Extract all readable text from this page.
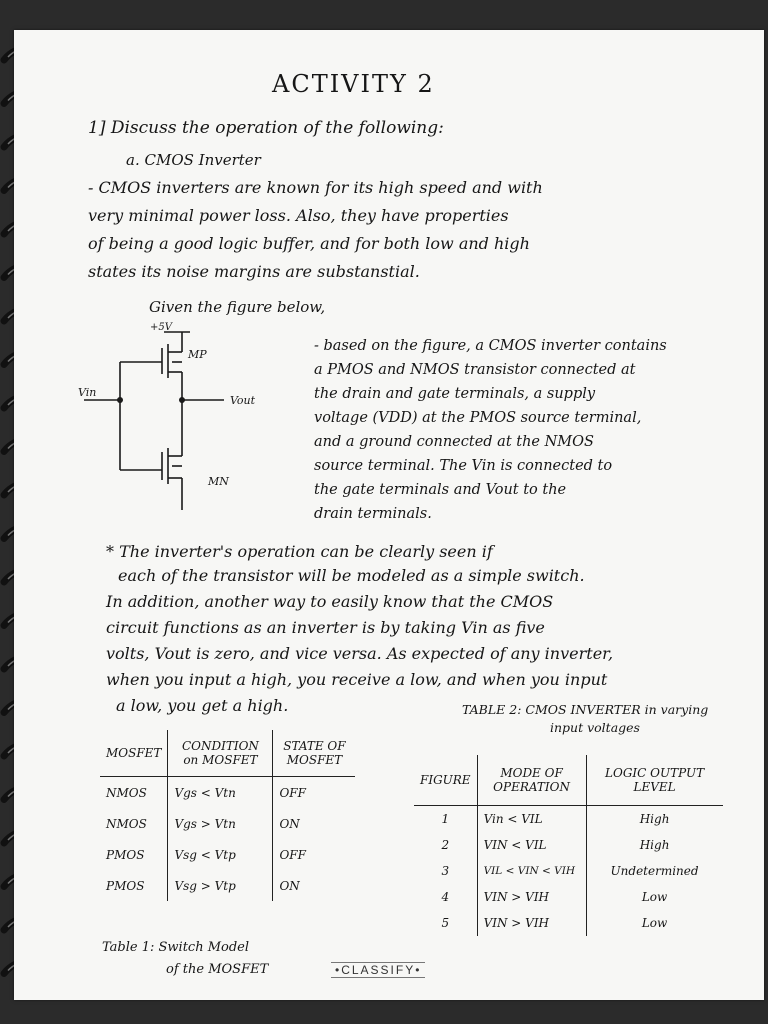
ACTIVITY 2
1] Discuss the operation of the following:
a. CMOS Inverter
- CMOS inverters are known for its high speed and with
very minimal power loss. Also, they have properties
of being a good logic buffer, and for both low and high
states its noise margins are substanstial.
Given the figure below,
+5V
MP
MN
Vin
Vout
- based on the figure, a CMOS inverter contains
a PMOS and NMOS transistor connected at
the drain and gate terminals, a supply
voltage (VDD) at the PMOS source terminal,
and a ground connected at the NMOS
source terminal. The Vin is connected to
the gate terminals and Vout to the
drain terminals.
* The inverter's operation can be clearly seen if
each of the transistor will be modeled as a simple switch.
In addition, another way to easily know that the CMOS
circuit functions as an inverter is by taking Vin as five
volts, Vout is zero, and vice versa. As expected of any inverter,
when you input a high, you receive a low, and when you input
a low, you get a high.	TABLE 2: CMOS INVERTER in varying
input voltages
MOSFET	CONDITION on MOSFET	STATE OF MOSFET
NMOS	Vgs < Vtn	OFF
NMOS	Vgs > Vtn	ON
PMOS	Vsg < Vtp	OFF
PMOS	Vsg > Vtp	ON
Table 1: Switch Model
of the MOSFET
FIGURE	MODE OF OPERATION	LOGIC OUTPUT LEVEL
1	Vin < VIL	High
2	VIN < VIL	High
3	VIL < VIN < VIH	Undetermined
4	VIN > VIH	Low
5	VIN > VIH	Low
•CLASSIFY•
